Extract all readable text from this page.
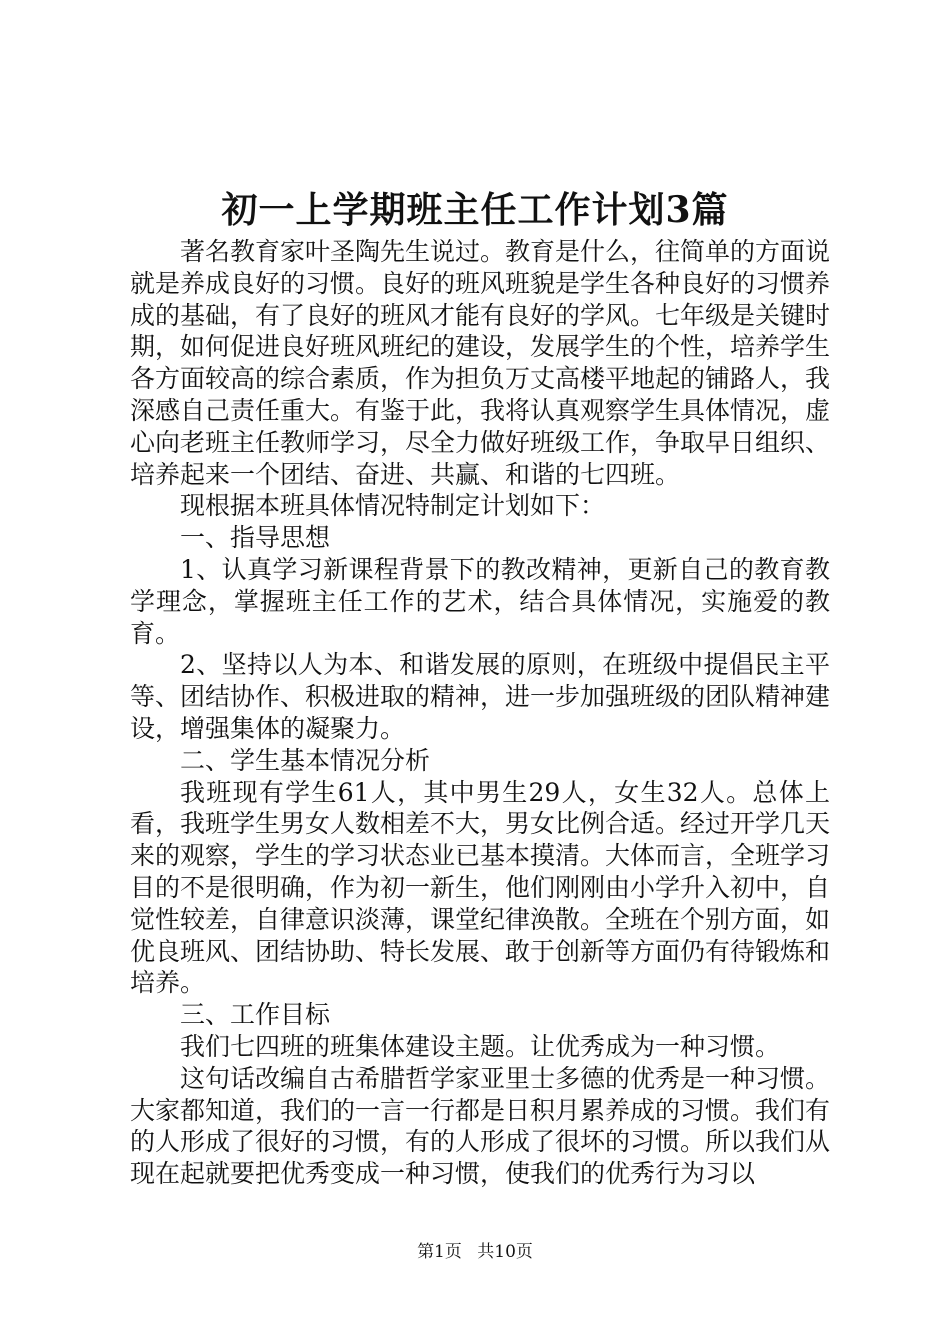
初一上学期班主任工作计划3篇

著名教育家叶圣陶先生说过。教育是什么，往简单的方面说就是养成良好的习惯。良好的班风班貌是学生各种良好的习惯养成的基础，有了良好的班风才能有良好的学风。七年级是关键时期，如何促进良好班风班纪的建设，发展学生的个性，培养学生各方面较高的综合素质，作为担负万丈高楼平地起的铺路人，我深感自己责任重大。有鉴于此，我将认真观察学生具体情况，虚心向老班主任教师学习，尽全力做好班级工作，争取早日组织、培养起来一个团结、奋进、共赢、和谐的七四班。

现根据本班具体情况特制定计划如下：

一、指导思想

1、认真学习新课程背景下的教改精神，更新自己的教育教学理念，掌握班主任工作的艺术，结合具体情况，实施爱的教育。

2、坚持以人为本、和谐发展的原则，在班级中提倡民主平等、团结协作、积极进取的精神，进一步加强班级的团队精神建设，增强集体的凝聚力。

二、学生基本情况分析

我班现有学生61人，其中男生29人，女生32人。总体上看，我班学生男女人数相差不大，男女比例合适。经过开学几天来的观察，学生的学习状态业已基本摸清。大体而言，全班学习目的不是很明确，作为初一新生，他们刚刚由小学升入初中，自觉性较差，自律意识淡薄，课堂纪律涣散。全班在个别方面，如优良班风、团结协助、特长发展、敢于创新等方面仍有待锻炼和培养。

三、工作目标

我们七四班的班集体建设主题。让优秀成为一种习惯。

这句话改编自古希腊哲学家亚里士多德的优秀是一种习惯。大家都知道，我们的一言一行都是日积月累养成的习惯。我们有的人形成了很好的习惯，有的人形成了很坏的习惯。所以我们从现在起就要把优秀变成一种习惯，使我们的优秀行为习以

第1页 共10页
